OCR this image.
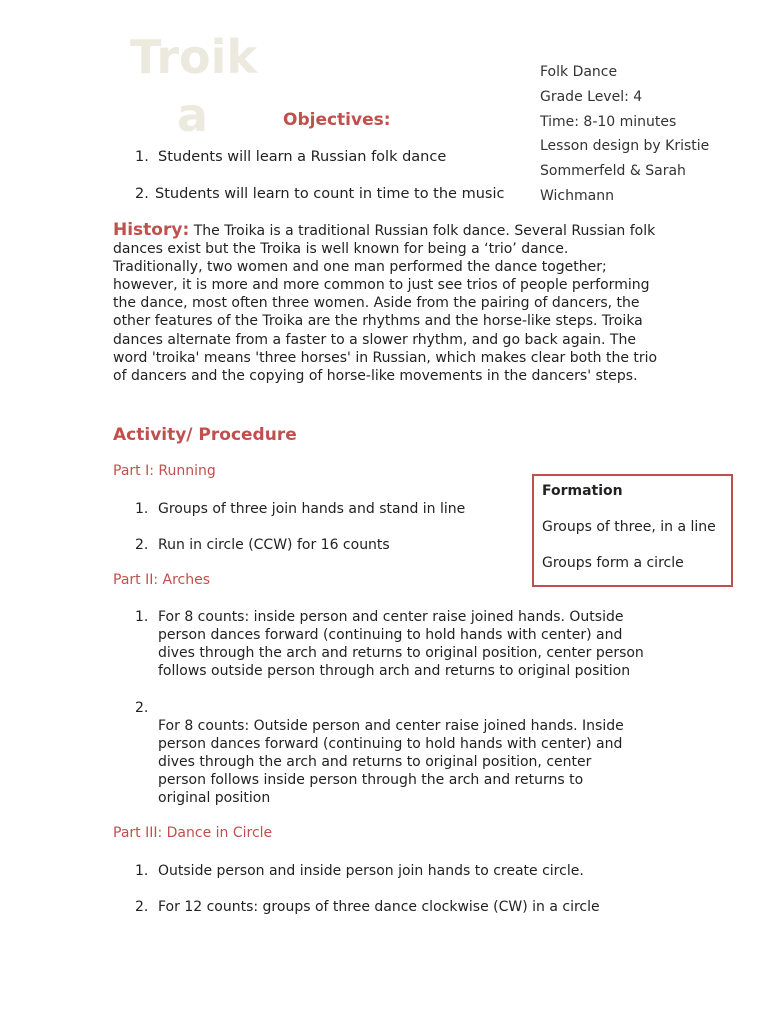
Troik
a	Objectives:
Folk Dance
Grade Level: 4
Time: 8-10 minutes
Lesson design by Kristie
Sommerfeld & Sarah
Wichmann
1. Students will learn a Russian folk dance
2. Students will learn to count in time to the music
History: The Troika is a traditional Russian folk dance. Several Russian folk dances exist but the Troika is well known for being a ‘trio’ dance. Traditionally, two women and one man performed the dance together; however, it is more and more common to just see trios of people performing the dance, most often three women. Aside from the pairing of dancers, the other features of the Troika are the rhythms and the horse-like steps. Troika dances alternate from a faster to a slower rhythm, and go back again. The word 'troika' means 'three horses' in Russian, which makes clear both the trio of dancers and the copying of horse-like movements in the dancers' steps.
Activity/ Procedure
Part I: Running
1. Groups of three join hands and stand in line
2. Run in circle (CCW) for 16 counts
Part II: Arches
1. For 8 counts: inside person and center raise joined hands. Outside person dances forward (continuing to hold hands with center) and dives through the arch and returns to original position, center person follows outside person through arch and returns to original position
2.
For 8 counts: Outside person and center raise joined hands. Inside person dances forward (continuing to hold hands with center) and dives through the arch and returns to original position, center person follows inside person through the arch and returns to original position
Part III: Dance in Circle
1. Outside person and inside person join hands to create circle.
2. For 12 counts: groups of three dance clockwise (CW) in a circle
Formation

Groups of three, in a line

Groups form a circle
